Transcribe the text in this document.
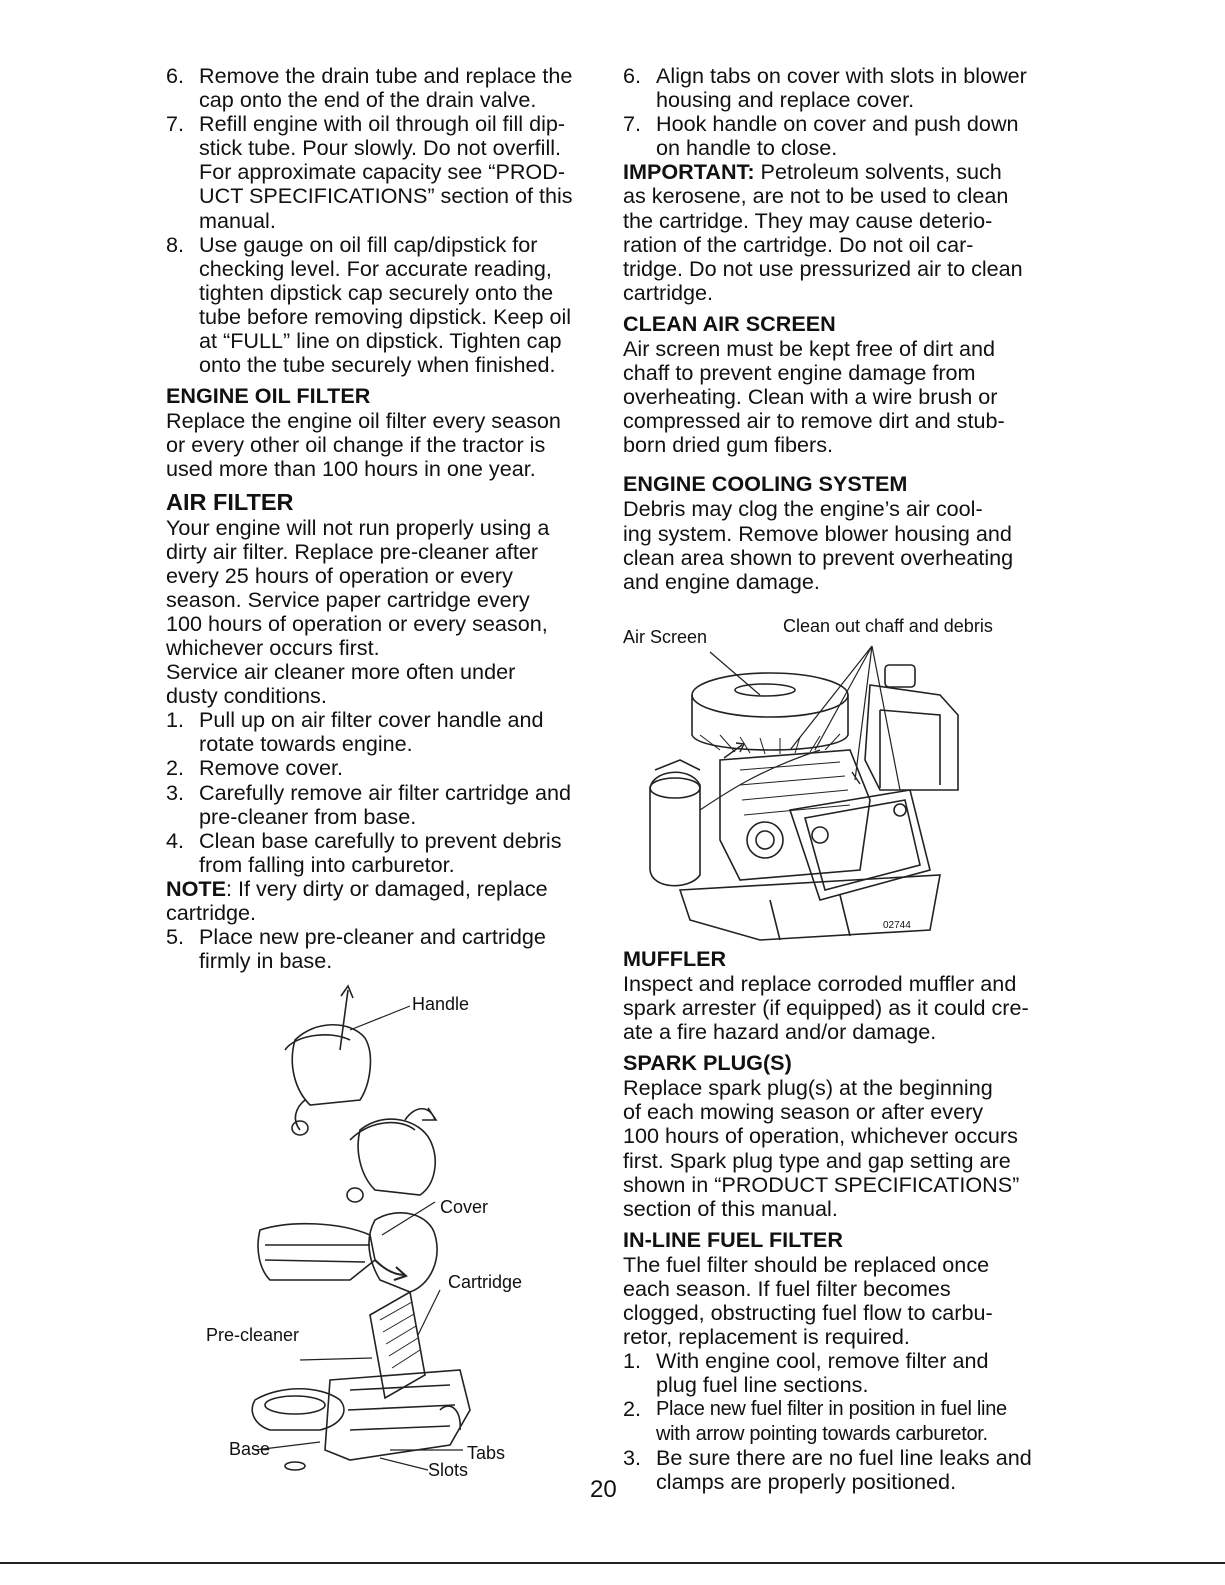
6. Remove the drain tube and replace the
cap onto the end of the drain valve.
7. Refill engine with oil through oil fill dip-
stick tube. Pour slowly. Do not overfill.
For approximate capacity see “PROD-
UCT SPECIFICATIONS” section of this
manual.
8. Use gauge on oil fill cap/dipstick for
checking level. For accurate reading,
tighten dipstick cap securely onto the
tube before removing dipstick. Keep oil
at “FULL” line on dipstick. Tighten cap
onto the tube securely when finished.
ENGINE OIL FILTER

Replace the engine oil filter every season
or every other oil change if the tractor is
used more than 100 hours in one year.

AIR FILTER

Your engine will not run properly using a
dirty air filter. Replace pre-cleaner after
every 25 hours of operation or every
season. Service paper cartridge every
100 hours of operation or every season,
whichever occurs first.

Service air cleaner more often under
dusty conditions.

1. Pull up on air filter cover handle and
rotate towards engine.
2. Remove cover.
3. Carefully remove air filter cartridge and
pre-cleaner from base.
4. Clean base carefully to prevent debris
from falling into carburetor.

NOTE: If very dirty or damaged, replace
cartridge.

5. Place new pre-cleaner and cartridge
firmly in base.
Handle
Cover
Cartridge
Pre-cleaner
Base	Tabs
Slots
6. Align tabs on cover with slots in blower
housing and replace cover.
7. Hook handle on cover and push down
on handle to close.

IMPORTANT: Petroleum solvents, such
as kerosene, are not to be used to clean
the cartridge. They may cause deterio-
ration of the cartridge. Do not oil car-
tridge. Do not use pressurized air to clean
cartridge.

CLEAN AIR SCREEN

Air screen must be kept free of dirt and
chaff to prevent engine damage from
overheating. Clean with a wire brush or
compressed air to remove dirt and stub-
born dried gum fibers.

ENGINE COOLING SYSTEM

Debris may clog the engine’s air cool-
ing system. Remove blower housing and
clean area shown to prevent overheating
and engine damage.

Air Screen
Clean out chaff and debris
02744
MUFFLER

Inspect and replace corroded muffler and
spark arrester (if equipped) as it could cre-
ate a fire hazard and/or damage.

SPARK PLUG(S)

Replace spark plug(s) at the beginning
of each mowing season or after every
100 hours of operation, whichever occurs
first. Spark plug type and gap setting are
shown in “PRODUCT SPECIFICATIONS”
section of this manual.

IN-LINE FUEL FILTER

The fuel filter should be replaced once
each season. If fuel filter becomes
clogged, obstructing fuel flow to carbu-
retor, replacement is required.

1. With engine cool, remove filter and
plug fuel line sections.
2. Place new fuel filter in position in fuel line
with arrow pointing towards carburetor.
3. Be sure there are no fuel line leaks and
clamps are properly positioned.
20
